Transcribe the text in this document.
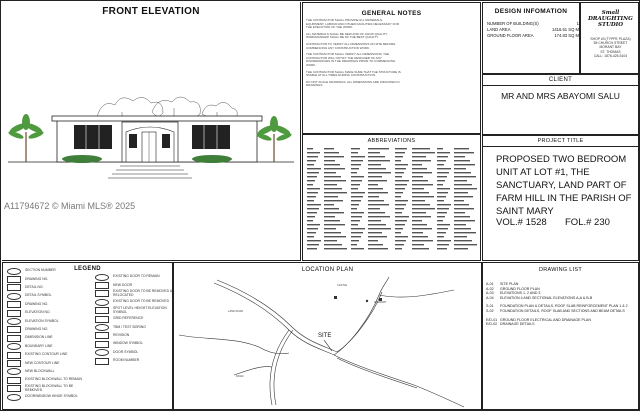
FRONT ELEVATION	GENERAL NOTES
THE CONTRACTOR SHALL PROVIDE ALL MATERIALS, EQUIPMENT, LABOUR AND OTHER FACILITIES NECESSARY FOR THE EXECUTION OF THE WORK.
ALL MATERIALS SHALL BE NEW AND OF GOOD QUALITY, WORKMANSHIP SHALL BE OF THE BEST QUALITY.
CONTRACTOR TO VERIFY ALL DIMENSIONS ON SITE BEFORE COMMENCING ANY CONSTRUCTION WORK.
THE CONTRACTOR SHALL VERIFY ALL DIMENSIONS; THE CONTRACTOR WILL NOTIFY THE DESIGNER OF ANY DISCREPANCIES IN THE DRAWINGS PRIOR TO COMMENCING WORK.
THE CONTRACTOR SHALL MAKE SURE THAT THE STRUCTURE IS STABLE AT ALL TIMES DURING CONSTRUCTION.
DO NOT SCALE DRAWINGS. ALL DIMENSIONS ARE INDICATED IN DRAWINGS.
DESIGN INFOMATION
NUMBER OF BUILDING(S)	1
LAND AREA	1416.51 SQ M
GROUND FLOOR AREA	174.83 SQ M
Small DRAUGHTING STUDIO
SHOP #3 (TYPPE PLAZA)
55 CHURCH STREET
MORANT BAY
ST. THOMAS
CALL: 1876-425-5104
CLIENT
MR AND MRS ABAYOMI SALU
ABBREVIATIONS	PROJECT TITLE
PROPOSED TWO BEDROOM UNIT AT LOT #1, THE SANCTUARY, LAND PART OF FARM HILL IN THE PARISH OF SAINT MARY
VOL.# 1528 FOL.# 230
LEGEND
SECTION NUMBER
DRAWING NO.
DETAIL NO.
DETAIL SYMBOL
DRAWING NO.
ELEVATION NO.
ELEVATION SYMBOL
DRAWING NO.
DIMENSION LINE
BOUNDARY LINE
EXISTING CONTOUR LINE
NEW CONTOUR LINE
NEW BLOCKWALL
EXISTING BLOCKWALL TO REMAIN
EXISTING BLOCKWALL TO BE REMOVED
DOOR/WINDOW HINGE SYMBOL
EXISTING DOOR TO REMAIN
NEW DOOR
EXISTING DOOR TO BE REMOVED & RELOCATED
EXISTING DOOR TO BE REMOVED
SPOT LEVEL HEIGHT ELEVATION SYMBOL
GRID REFERENCE
TBM / TEST BORING
REVISION
WINDOW SYMBOL
DOOR SYMBOL
ROOM NUMBER
LOCATION PLAN
SITE
LAND ROAD
CASTLE
STEWART
ROAD
DRAWING LIST
A-01	SITE PLAN
A-02	GROUND FLOOR PLAN
A-03	ELEVATIONS 1, 2 AND 3
A-04	ELEVATION 4 AND SECTIONAL ELEVATIONS A-A & B-B
S-01	FOUNDATION PLAN & DETAILS, ROOF SLAB REINFORCEMENT PLAN 1 & 2
S-02	FOUNDATION DETAILS, ROOF SLAB AND SECTIONS AND BEAM DETAILS
E/D-01 GROUND FLOOR ELECTRICAL AND DRAINAGE PLAN
E/D-02 DRAINAGE DETAILS
A11794672 © Miami MLS® 2025
